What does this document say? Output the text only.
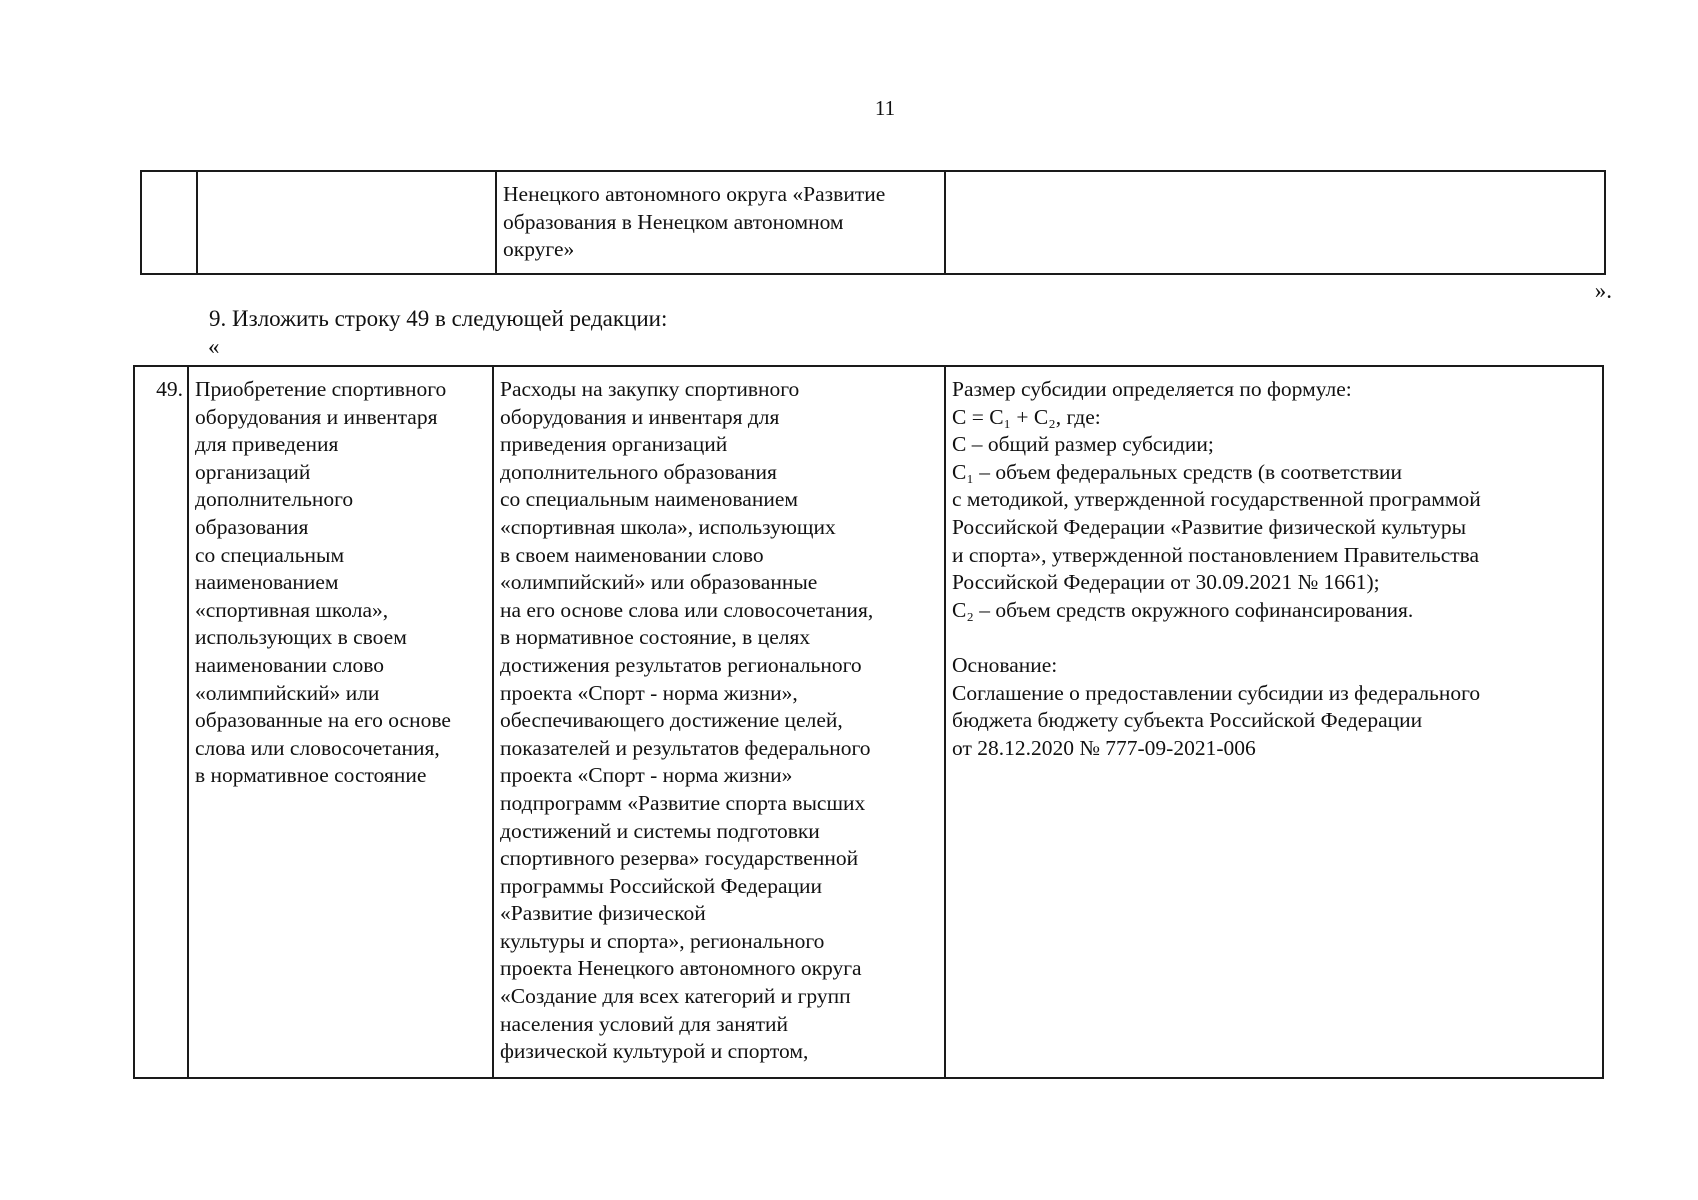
11
		Ненецкого автономного округа «Развитие
образования в Ненецком автономном
округе»	
».
9. Изложить строку 49 в следующей редакции:
«
49.	Приобретение спортивного
оборудования и инвентаря
для приведения
организаций
дополнительного
образования
со специальным
наименованием
«спортивная школа»,
использующих в своем
наименовании слово
«олимпийский» или
образованные на его основе
слова или словосочетания,
в нормативное состояние	Расходы на закупку спортивного
оборудования и инвентаря для
приведения организаций
дополнительного образования
со специальным наименованием
«спортивная школа», использующих
в своем наименовании слово
«олимпийский» или образованные
на его основе слова или словосочетания,
в нормативное состояние, в целях
достижения результатов регионального
проекта «Спорт - норма жизни»,
обеспечивающего достижение целей,
показателей и результатов федерального
проекта «Спорт - норма жизни»
подпрограмм «Развитие спорта высших
достижений и системы подготовки
спортивного резерва» государственной
программы Российской Федерации
«Развитие физической
культуры и спорта», регионального
проекта Ненецкого автономного округа
«Создание для всех категорий и групп
населения условий для занятий
физической культурой и спортом,	Размер субсидии определяется по формуле:
С = С₁ + С₂, где:
С – общий размер субсидии;
С₁ – объем федеральных средств (в соответствии
с методикой, утвержденной государственной программой
Российской Федерации «Развитие физической культуры
и спорта», утвержденной постановлением Правительства
Российской Федерации от 30.09.2021 № 1661);
С₂ – объем средств окружного софинансирования.

Основание:
Соглашение о предоставлении субсидии из федерального
бюджета бюджету субъекта Российской Федерации
от 28.12.2020 № 777-09-2021-006
